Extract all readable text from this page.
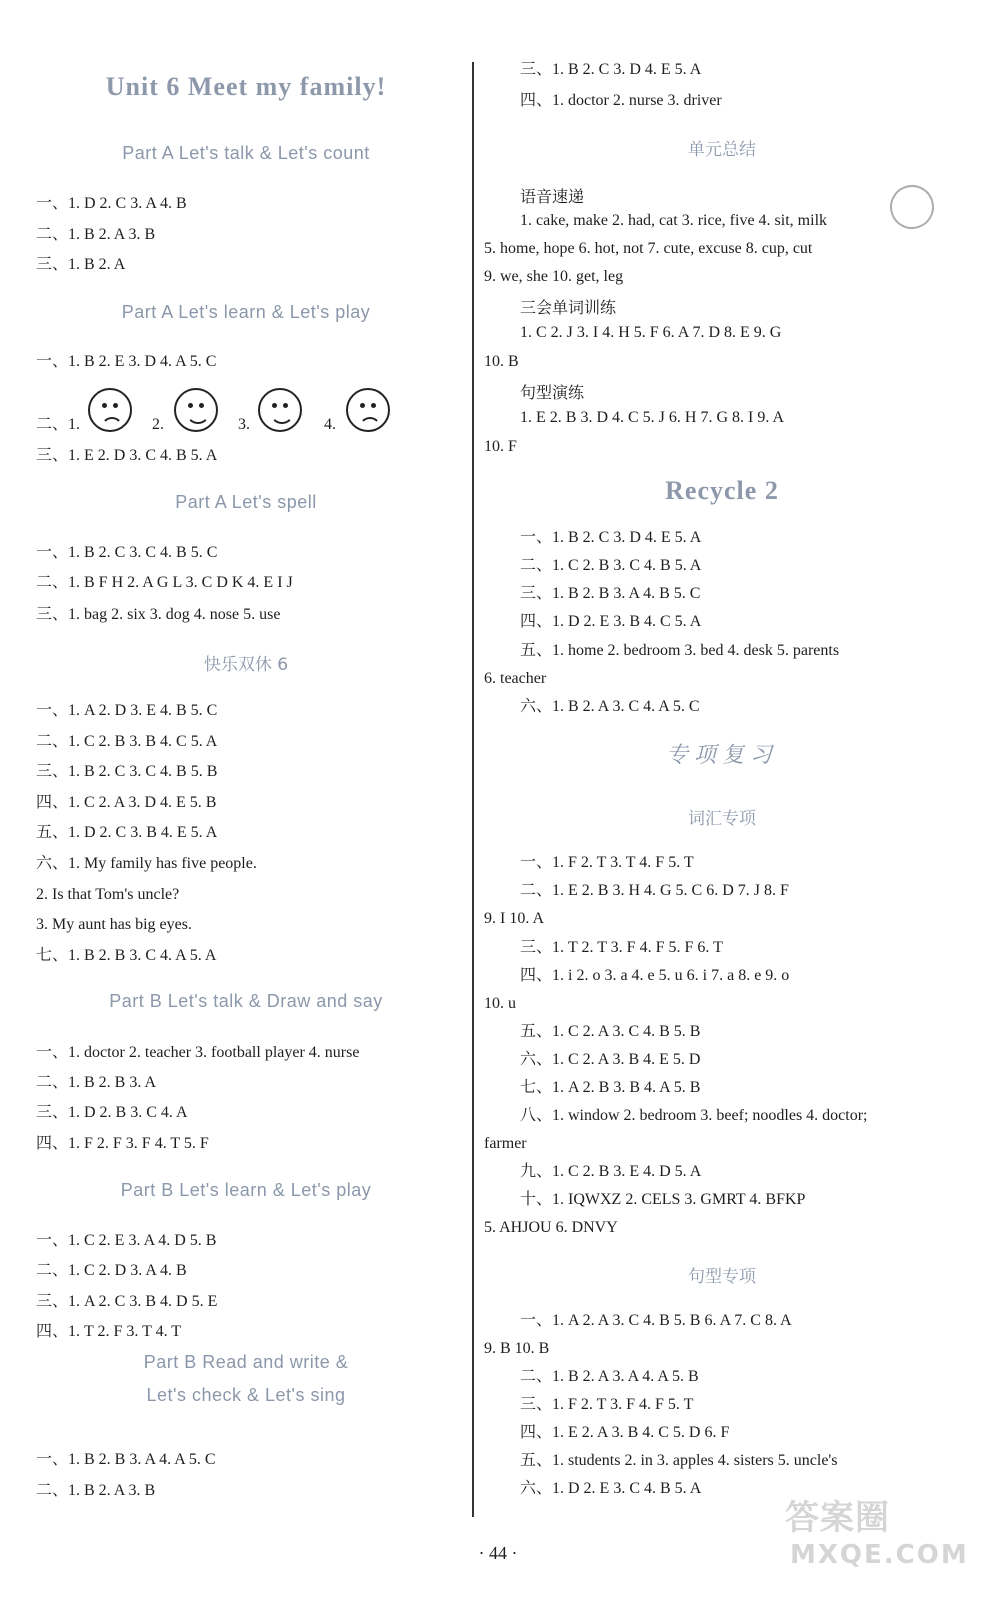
Unit 6 Meet my family!
Part A Let's talk & Let's count
一、1. D 2. C 3. A 4. B
二、1. B 2. A 3. B
三、1. B 2. A
Part A Let's learn & Let's play
一、1. B 2. E 3. D 4. A 5. C
二、1.	2.	3.	4.
三、1. E 2. D 3. C 4. B 5. A
Part A Let's spell
一、1. B 2. C 3. C 4. B 5. C
二、1. B F H 2. A G L 3. C D K 4. E I J
三、1. bag 2. six 3. dog 4. nose 5. use
快乐双休 6
一、1. A 2. D 3. E 4. B 5. C
二、1. C 2. B 3. B 4. C 5. A
三、1. B 2. C 3. C 4. B 5. B
四、1. C 2. A 3. D 4. E 5. B
五、1. D 2. C 3. B 4. E 5. A
六、1. My family has five people.
2. Is that Tom's uncle?
3. My aunt has big eyes.
七、1. B 2. B 3. C 4. A 5. A
Part B Let's talk & Draw and say
一、1. doctor 2. teacher 3. football player 4. nurse
二、1. B 2. B 3. A
三、1. D 2. B 3. C 4. A
四、1. F 2. F 3. F 4. T 5. F
Part B Let's learn & Let's play
一、1. C 2. E 3. A 4. D 5. B
二、1. C 2. D 3. A 4. B
三、1. A 2. C 3. B 4. D 5. E
四、1. T 2. F 3. T 4. T
Part B Read and write &
Let's check & Let's sing
一、1. B 2. B 3. A 4. A 5. C
二、1. B 2. A 3. B
三、1. B 2. C 3. D 4. E 5. A
四、1. doctor 2. nurse 3. driver
单元总结
语音速递
1. cake, make 2. had, cat 3. rice, five 4. sit, milk
5. home, hope 6. hot, not 7. cute, excuse 8. cup, cut
9. we, she 10. get, leg
三会单词训练
1. C 2. J 3. I 4. H 5. F 6. A 7. D 8. E 9. G
10. B
句型演练
1. E 2. B 3. D 4. C 5. J 6. H 7. G 8. I 9. A
10. F
Recycle 2
一、1. B 2. C 3. D 4. E 5. A
二、1. C 2. B 3. C 4. B 5. A
三、1. B 2. B 3. A 4. B 5. C
四、1. D 2. E 3. B 4. C 5. A
五、1. home 2. bedroom 3. bed 4. desk 5. parents
6. teacher
六、1. B 2. A 3. C 4. A 5. C
专项复习
词汇专项
一、1. F 2. T 3. T 4. F 5. T
二、1. E 2. B 3. H 4. G 5. C 6. D 7. J 8. F
9. I 10. A
三、1. T 2. T 3. F 4. F 5. F 6. T
四、1. i 2. o 3. a 4. e 5. u 6. i 7. a 8. e 9. o
10. u
五、1. C 2. A 3. C 4. B 5. B
六、1. C 2. A 3. B 4. E 5. D
七、1. A 2. B 3. B 4. A 5. B
八、1. window 2. bedroom 3. beef; noodles 4. doctor;
farmer
九、1. C 2. B 3. E 4. D 5. A
十、1. IQWXZ 2. CELS 3. GMRT 4. BFKP
5. AHJOU 6. DNVY
句型专项
一、1. A 2. A 3. C 4. B 5. B 6. A 7. C 8. A
9. B 10. B
二、1. B 2. A 3. A 4. A 5. B
三、1. F 2. T 3. F 4. F 5. T
四、1. E 2. A 3. B 4. C 5. D 6. F
五、1. students 2. in 3. apples 4. sisters 5. uncle's
六、1. D 2. E 3. C 4. B 5. A
答案圈
MXQE.COM
· 44 ·
